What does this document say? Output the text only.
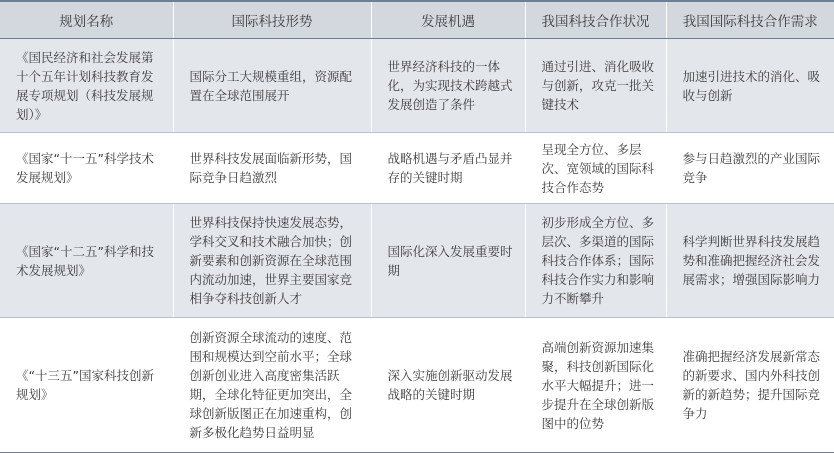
规划名称	国际科技形势	发展机遇	我国科技合作状况	我国国际科技合作需求
《国民经济和社会发展第十个五年计划科技教育发展专项规划（科技发展规划）》	国际分工大规模重组，资源配置在全球范围展开	世界经济科技的一体化，为实现技术跨越式发展创造了条件	通过引进、消化吸收与创新，攻克一批关键技术	加速引进技术的消化、吸收与创新
《国家“十一五”科学技术发展规划》	世界科技发展面临新形势，国际竞争日趋激烈	战略机遇与矛盾凸显并存的关键时期	呈现全方位、多层次、宽领域的国际科技合作态势	参与日趋激烈的产业国际竞争
《国家“十二五”科学和技术发展规划》	世界科技保持快速发展态势，学科交叉和技术融合加快；创新要素和创新资源在全球范围内流动加速，世界主要国家竞相争夺科技创新人才	国际化深入发展重要时期	初步形成全方位、多层次、多渠道的国际科技合作体系；国际科技合作实力和影响力不断攀升	科学判断世界科技发展趋势和准确把握经济社会发展需求；增强国际影响力
《“十三五”国家科技创新规划》	创新资源全球流动的速度、范围和规模达到空前水平；全球创新创业进入高度密集活跃期，全球化特征更加突出，全球创新版图正在加速重构，创新多极化趋势日益明显	深入实施创新驱动发展战略的关键时期	高端创新资源加速集聚，科技创新国际化水平大幅提升；进一步提升在全球创新版图中的位势	准确把握经济发展新常态的新要求、国内外科技创新的新趋势；提升国际竞争力
